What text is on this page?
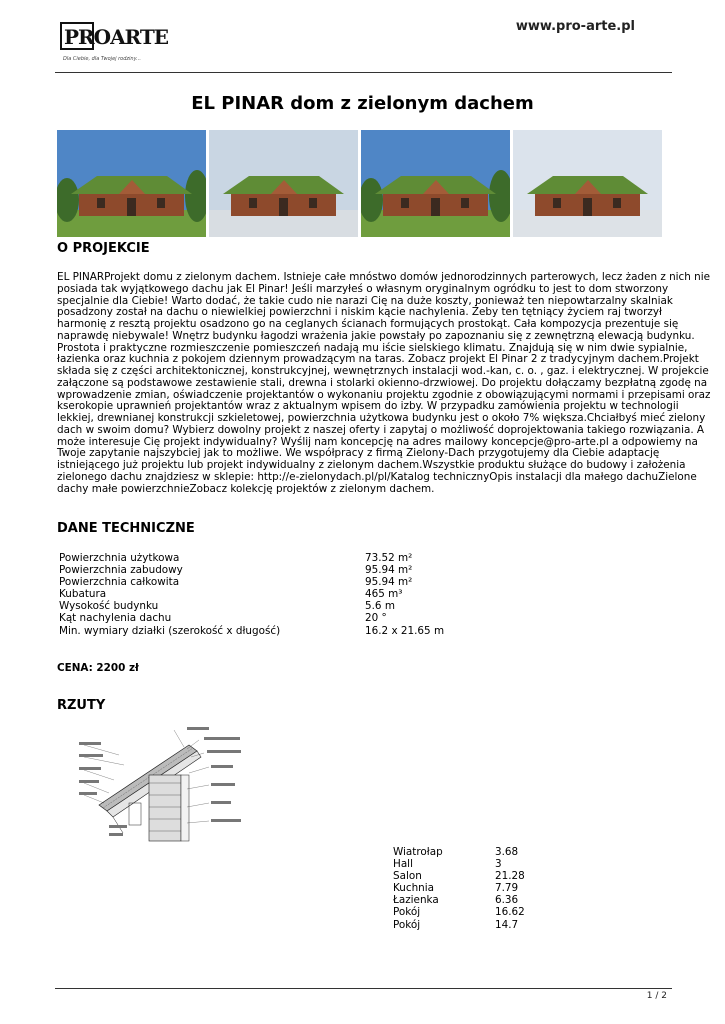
PROARTE
Dla Ciebie, dla Twojej rodziny...
www.pro-arte.pl
EL PINAR dom z zielonym dachem
O PROJEKCIE
EL PINARProjekt domu z zielonym dachem. Istnieje całe mnóstwo domów jednorodzinnych parterowych, lecz żaden z nich nie
posiada tak wyjątkowego dachu jak El Pinar! Jeśli marzyłeś o własnym oryginalnym ogródku to jest to dom stworzony
specjalnie dla Ciebie! Warto dodać, że takie cudo nie narazi Cię na duże koszty, ponieważ ten niepowtarzalny skalniak
posadzony został na dachu o niewielkiej powierzchni i niskim kącie nachylenia. Żeby ten tętniący życiem raj tworzył
harmonię z resztą projektu osadzono go na ceglanych ścianach formujących prostokąt. Cała kompozycja prezentuje się
naprawdę niebywale! Wnętrz budynku łagodzi wrażenia jakie powstały po zapoznaniu się z zewnętrzną elewacją budynku.
Prostota i praktyczne rozmieszczenie pomieszczeń nadają mu iście sielskiego klimatu. Znajdują się w nim dwie sypialnie,
łazienka oraz kuchnia z pokojem dziennym prowadzącym na taras. Zobacz projekt El Pinar 2 z tradycyjnym dachem.Projekt
składa się z części architektonicznej, konstrukcyjnej, wewnętrznych instalacji wod.-kan, c. o. , gaz. i elektrycznej. W projekcie
załączone są podstawowe zestawienie stali, drewna i stolarki okienno-drzwiowej. Do projektu dołączamy bezpłatną zgodę na
wprowadzenie zmian, oświadczenie projektantów o wykonaniu projektu zgodnie z obowiązującymi normami i przepisami oraz
kserokopie uprawnień projektantów wraz z aktualnym wpisem do izby. W przypadku zamówienia projektu w technologii
lekkiej, drewnianej konstrukcji szkieletowej, powierzchnia użytkowa budynku jest o około 7% większa.Chciałbyś mieć zielony
dach w swoim domu? Wybierz dowolny projekt z naszej oferty i zapytaj o możliwość doprojektowania takiego rozwiązania. A
może interesuje Cię projekt indywidualny? Wyślij nam koncepcję na adres mailowy koncepcje@pro-arte.pl a odpowiemy na
Twoje zapytanie najszybciej jak to możliwe. We współpracy z firmą Zielony-Dach przygotujemy dla Ciebie adaptację
istniejącego już projektu lub projekt indywidualny z zielonym dachem.Wszystkie produktu służące do budowy i założenia
zielonego dachu znajdziesz w sklepie: http://e-zielonydach.pl/pl/Katalog technicznyOpis instalacji dla małego dachuZielone
dachy małe powierzchnieZobacz kolekcję projektów z zielonym dachem.
DANE TECHNICZNE
Powierzchnia użytkowa	73.52 m²
Powierzchnia zabudowy	95.94 m²
Powierzchnia całkowita	95.94 m²
Kubatura	465 m³
Wysokość budynku	5.6 m
Kąt nachylenia dachu	20 °
Min. wymiary działki (szerokość x długość)	16.2 x 21.65 m
CENA: 2200 zł
RZUTY
Wiatrołap	3.68
Hall	3
Salon	21.28
Kuchnia	7.79
Łazienka	6.36
Pokój	16.62
Pokój	14.7
1 / 2
